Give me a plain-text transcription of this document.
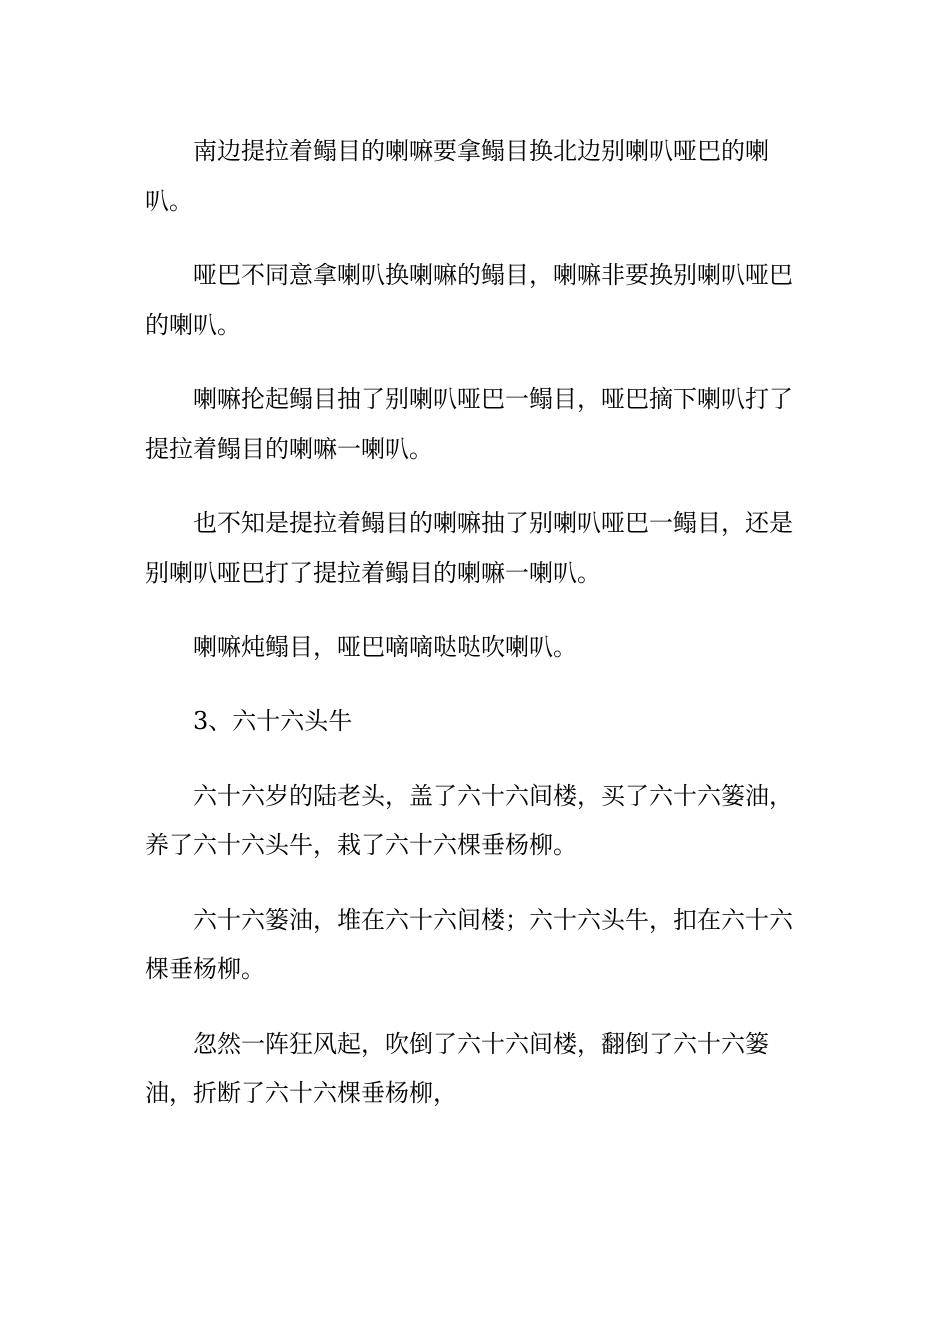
南边提拉着鳎目的喇嘛要拿鳎目换北边别喇叭哑巴的喇叭。

哑巴不同意拿喇叭换喇嘛的鳎目，喇嘛非要换别喇叭哑巴的喇叭。

喇嘛抡起鳎目抽了别喇叭哑巴一鳎目，哑巴摘下喇叭打了提拉着鳎目的喇嘛一喇叭。

也不知是提拉着鳎目的喇嘛抽了别喇叭哑巴一鳎目，还是别喇叭哑巴打了提拉着鳎目的喇嘛一喇叭。

喇嘛炖鳎目，哑巴嘀嘀哒哒吹喇叭。

3、六十六头牛

六十六岁的陆老头，盖了六十六间楼，买了六十六篓油，养了六十六头牛，栽了六十六棵垂杨柳。

六十六篓油，堆在六十六间楼；六十六头牛，扣在六十六棵垂杨柳。

忽然一阵狂风起，吹倒了六十六间楼，翻倒了六十六篓油，折断了六十六棵垂杨柳，
